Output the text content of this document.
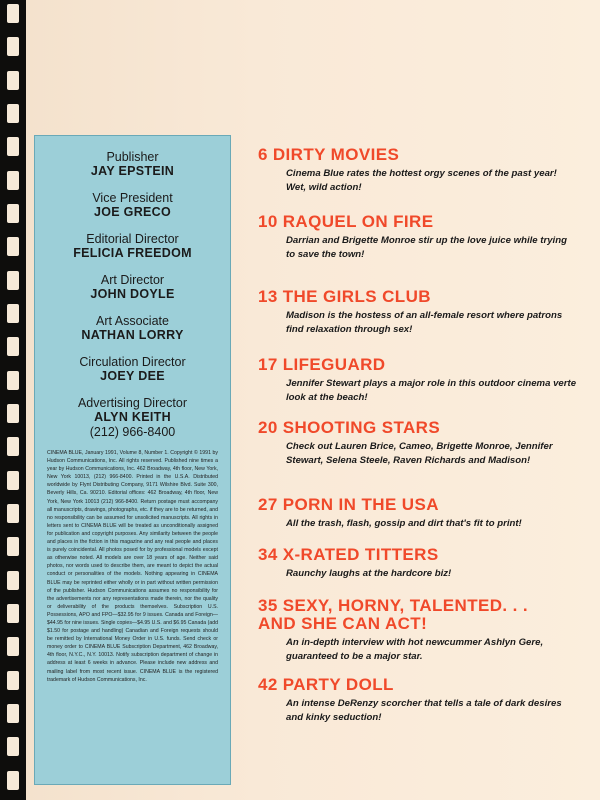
Publisher
JAY EPSTEIN
Vice President
JOE GRECO
Editorial Director
FELICIA FREEDOM
Art Director
JOHN DOYLE
Art Associate
NATHAN LORRY
Circulation Director
JOEY DEE
Advertising Director
ALYN KEITH
(212) 966-8400
CINEMA BLUE, January 1991, Volume 8, Number 1. Copyright © 1991 by Hudson Communications, Inc. All rights reserved. Published nine times a year by Hudson Communications, Inc. 462 Broadway, 4th floor, New York, New York 10013, (212) 966-8400. Printed in the U.S.A. Distributed worldwide by Flynt Distributing Company, 9171 Wilshire Blvd. Suite 300, Beverly Hills, Ca. 90210. Editorial offices: 462 Broadway, 4th floor, New York, New York 10013 (212) 966-8400. Return postage must accompany all manuscripts, drawings, photographs, etc. if they are to be returned, and no responsibility can be assumed for unsolicited manuscripts. All rights in letters sent to CINEMA BLUE will be treated as unconditionally assigned for publication and copyright purposes. Any similarity between the people and places in the fiction in this magazine and any real people and places is purely coincidental. All photos posed for by professional models except as otherwise noted. All models are over 18 years of age. Neither said photos, nor words used to describe them, are meant to depict the actual conduct or personalities of the models. Nothing appearing in CINEMA BLUE may be reprinted either wholly or in part without written permission of the publisher. Hudson Communications assumes no responsibility for the advertisements nor any representations made therein, nor the quality or deliverability of the products themselves. Subscription U.S. Possessions, APO and FPO—$32.95 for 9 issues. Canada and Foreign—$44.95 for nine issues. Single copies—$4.95 U.S. and $6.95 Canada (add $1.50 for postage and handling) Canadian and Foreign requests should be remitted by International Money Order in U.S. funds. Send check or money order to CINEMA BLUE Subscription Department, 462 Broadway, 4th floor, N.Y.C., N.Y. 10013. Notify subscription department of change in address at least 6 weeks in advance. Please include new address and mailing label from most recent issue. CINEMA BLUE is the registered trademark of Hudson Communications, Inc.
6 DIRTY MOVIES
Cinema Blue rates the hottest orgy scenes of the past year! Wet, wild action!
10 RAQUEL ON FIRE
Darrian and Brigette Monroe stir up the love juice while trying to save the town!
13 THE GIRLS CLUB
Madison is the hostess of an all-female resort where patrons find relaxation through sex!
17 LIFEGUARD
Jennifer Stewart plays a major role in this outdoor cinema verte look at the beach!
20 SHOOTING STARS
Check out Lauren Brice, Cameo, Brigette Monroe, Jennifer Stewart, Selena Steele, Raven Richards and Madison!
27 PORN IN THE USA
All the trash, flash, gossip and dirt that's fit to print!
34 X-RATED TITTERS
Raunchy laughs at the hardcore biz!
35 SEXY, HORNY, TALENTED. . . AND SHE CAN ACT!
An in-depth interview with hot newcummer Ashlyn Gere, guaranteed to be a major star.
42 PARTY DOLL
An intense DeRenzy scorcher that tells a tale of dark desires and kinky seduction!
